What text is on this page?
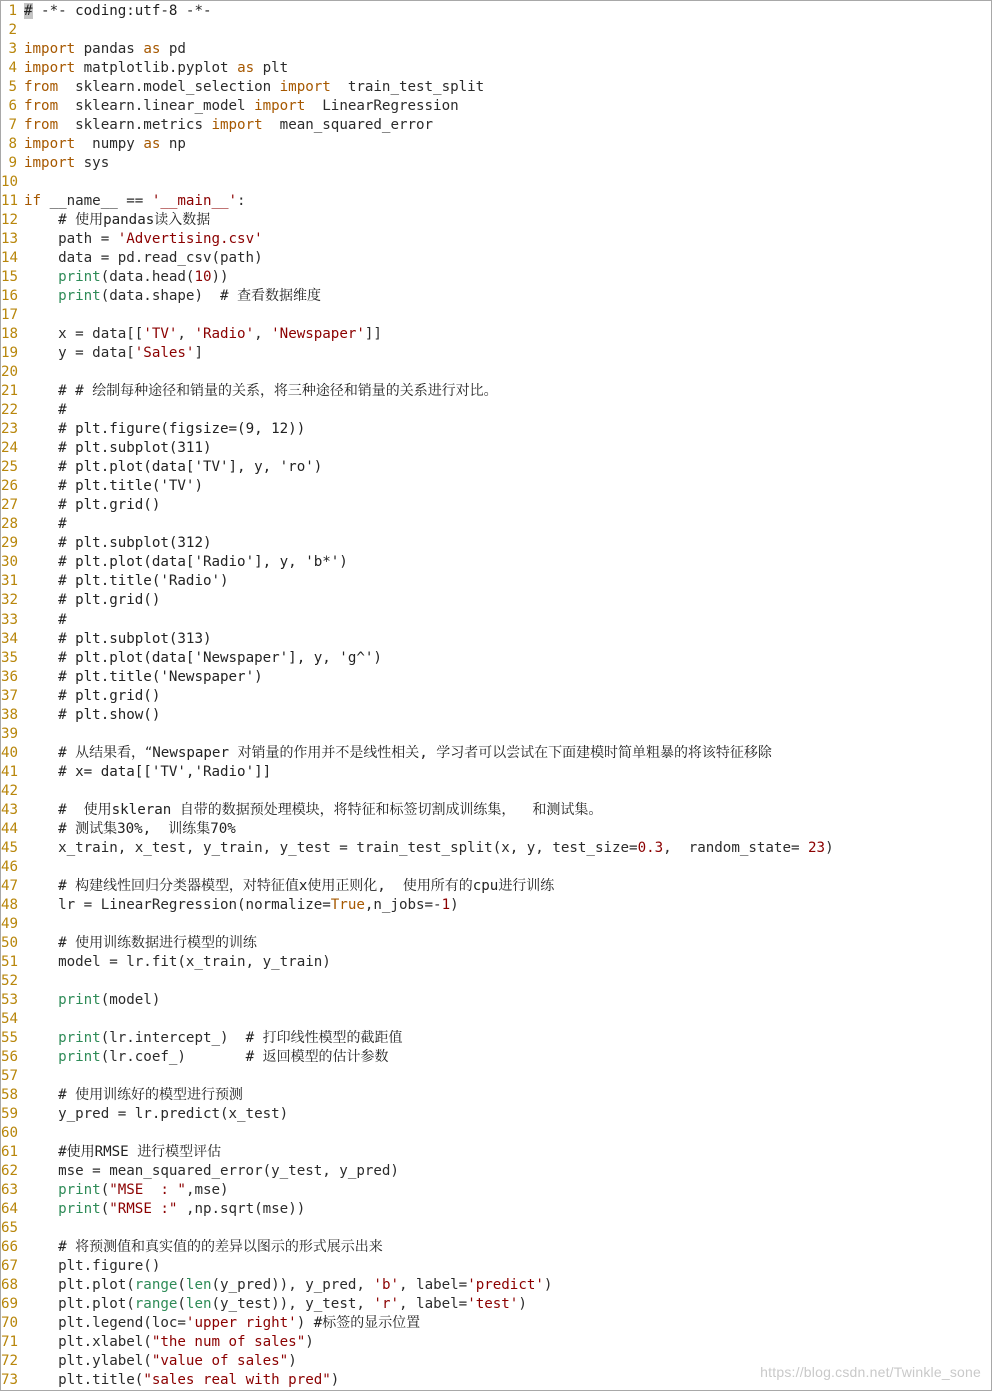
1 # -*- coding:utf-8 -*-
2
3 import pandas as pd
4 import matplotlib.pyplot as plt
5 from  sklearn.model_selection import  train_test_split
6 from  sklearn.linear_model import  LinearRegression
7 from  sklearn.metrics import  mean_squared_error
8 import  numpy as np
9 import sys
10
11 if __name__ == '__main__':
12	# 使用pandas读入数据
13    path = 'Advertising.csv'
14    data = pd.read_csv(path)
15	print(data.head(10))
16	print(data.shape)  # 查看数据维度
17
18    x = data[['TV', 'Radio', 'Newspaper']]
19    y = data['Sales']
20
21	# # 绘制每种途径和销量的关系，将三种途径和销量的关系进行对比。
22	#
23	# plt.figure(figsize=(9, 12))
24	# plt.subplot(311)
25	# plt.plot(data['TV'], y, 'ro')
26	# plt.title('TV')
27	# plt.grid()
28	#
29	# plt.subplot(312)
30	# plt.plot(data['Radio'], y, 'b*')
31	# plt.title('Radio')
32	# plt.grid()
33	#
34	# plt.subplot(313)
35	# plt.plot(data['Newspaper'], y, 'g^')
36	# plt.title('Newspaper')
37	# plt.grid()
38	# plt.show()
39
40	# 从结果看，“Newspaper 对销量的作用并不是线性相关, 学习者可以尝试在下面建模时简单粗暴的将该特征移除
41	# x= data[['TV','Radio']]
42
43	#  使用skleran 自带的数据预处理模块，将特征和标签切割成训练集， 和测试集。
44	# 测试集30%,  训练集70%
45    x_train, x_test, y_train, y_test = train_test_split(x, y, test_size=0.3,  random_state= 23)
46
47	# 构建线性回归分类器模型，对特征值x使用正则化,  使用所有的cpu进行训练
48    lr = LinearRegression(normalize=True,n_jobs=-1)
49
50	# 使用训练数据进行模型的训练
51    model = lr.fit(x_train, y_train)
52
53	print(model)
54
55	print(lr.intercept_)  # 打印线性模型的截距值
56	print(lr.coef_)       # 返回模型的估计参数
57
58	# 使用训练好的模型进行预测
59    y_pred = lr.predict(x_test)
60
61	#使用RMSE 进行模型评估
62    mse = mean_squared_error(y_test, y_pred)
63	print("MSE  : ",mse)
64	print("RMSE :" ,np.sqrt(mse))
65
66	# 将预测值和真实值的的差异以图示的形式展示出来
67    plt.figure()
68    plt.plot(range(len(y_pred)), y_pred, 'b', label='predict')
69    plt.plot(range(len(y_test)), y_test, 'r', label='test')
70    plt.legend(loc='upper right') #标签的显示位置
71    plt.xlabel("the num of sales")
72    plt.ylabel("value of sales")
73    plt.title("sales real with pred")
https://blog.csdn.net/Twinkle_sone
